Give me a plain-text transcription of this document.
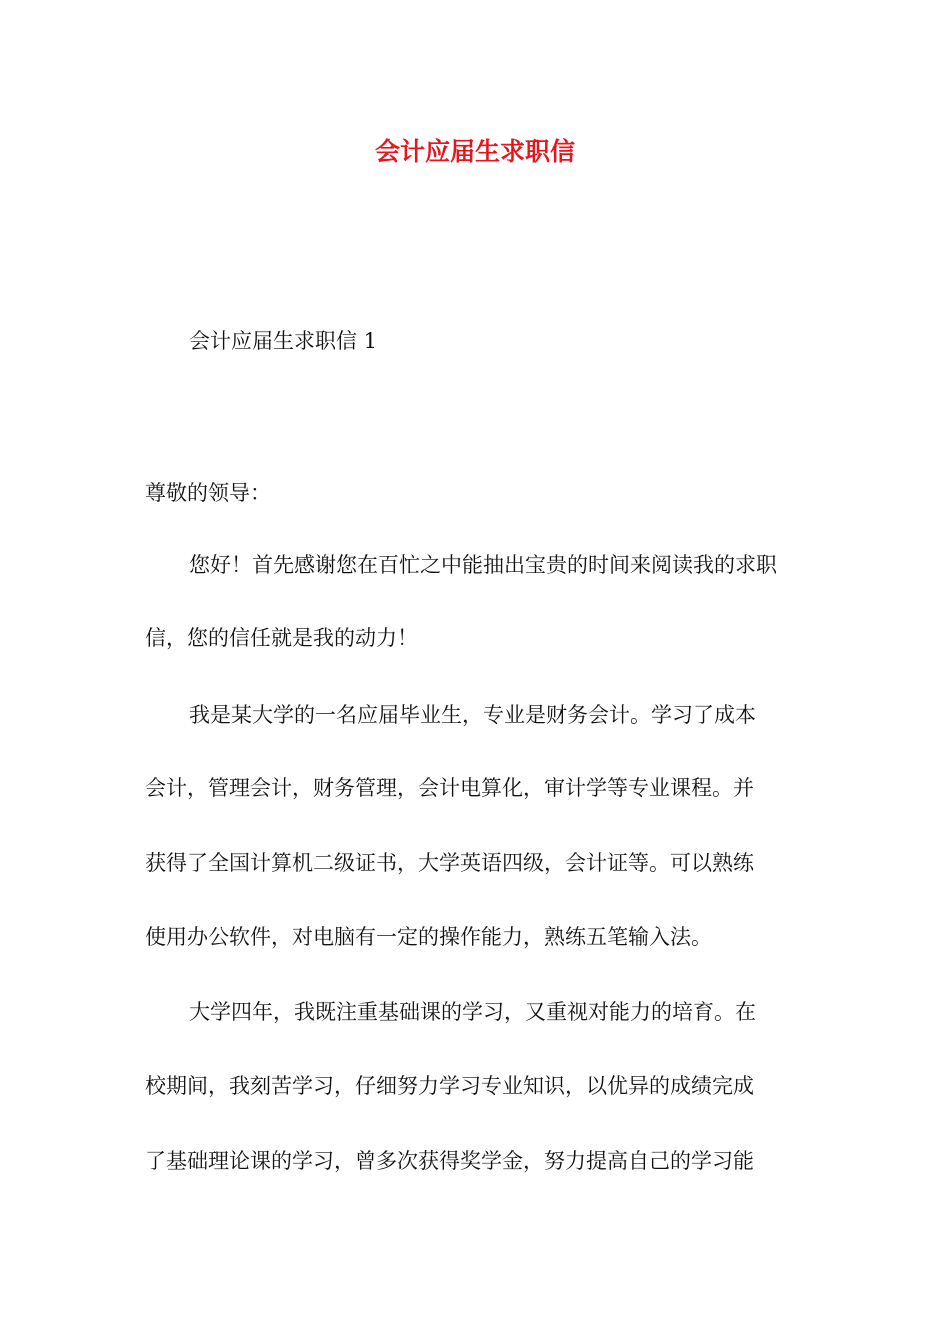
会计应届生求职信
会计应届生求职信 1
尊敬的领导：
您好！首先感谢您在百忙之中能抽出宝贵的时间来阅读我的求职
信，您的信任就是我的动力！
我是某大学的一名应届毕业生，专业是财务会计。学习了成本
会计，管理会计，财务管理，会计电算化，审计学等专业课程。并
获得了全国计算机二级证书，大学英语四级，会计证等。可以熟练
使用办公软件，对电脑有一定的操作能力，熟练五笔输入法。
大学四年，我既注重基础课的学习，又重视对能力的培育。在
校期间，我刻苦学习，仔细努力学习专业知识，以优异的成绩完成
了基础理论课的学习，曾多次获得奖学金，努力提高自己的学习能
